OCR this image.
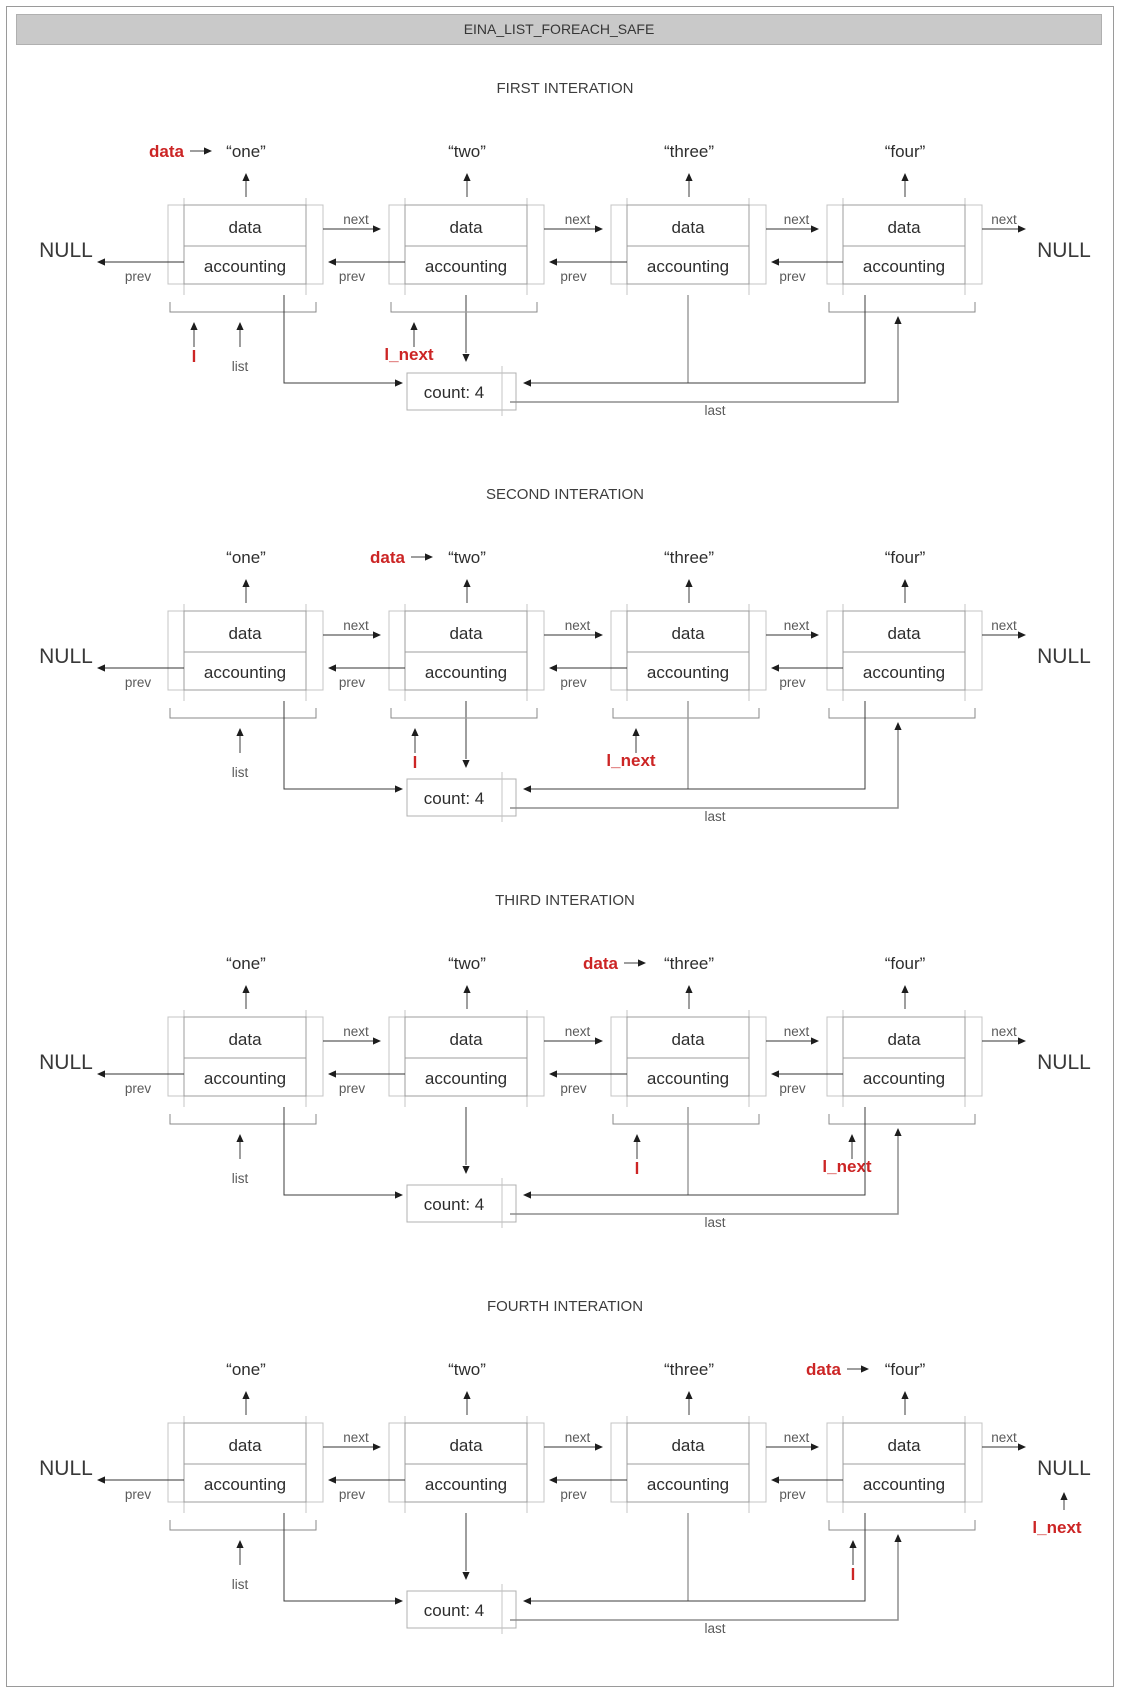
EINA_LIST_FOREACH_SAFE
FIRST INTERATION
SECOND INTERATION
THIRD INTERATION
FOURTH INTERATION
data
accounting
“one”
data
accounting
“two”
data
accounting
“three”
data
accounting
“four”
data
next	next	next	next
prev	prev	prev	prev
NULL	NULL
list
l	l_next
count: 4
last
data
accounting
“one”
data
accounting
“two”
data
accounting
“three”
data
accounting
“four”
data
next	next	next	next
prev	prev	prev	prev
NULL	NULL
list
l	l_next
count: 4
last
data
accounting
“one”
data
accounting
“two”
data
accounting
“three”
data
accounting
“four”
data
next	next	next	next
prev	prev	prev	prev
NULL	NULL
list
l	l_next
count: 4
last
data
accounting
“one”
data
accounting
“two”
data
accounting
“three”
data
accounting
“four”
data
next	next	next	next
prev	prev	prev	prev
NULL	NULL
list
l
l_next
count: 4
last
